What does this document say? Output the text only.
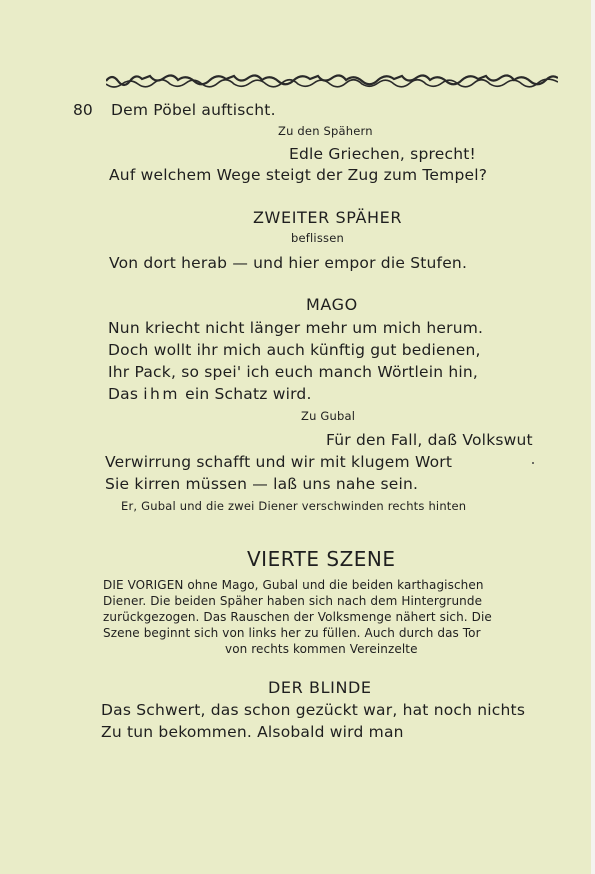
80 Dem Pöbel auftischt.
Zu den Spähern
Edle Griechen, sprecht!
Auf welchem Wege steigt der Zug zum Tempel?
ZWEITER SPÄHER
beflissen
Von dort herab — und hier empor die Stufen.
MAGO
Nun kriecht nicht länger mehr um mich herum.
Doch wollt ihr mich auch künftig gut bedienen,
Ihr Pack, so spei' ich euch manch Wörtlein hin,
Das ihm ein Schatz wird.
Zu Gubal
Für den Fall, daß Volkswut
Verwirrung schafft und wir mit klugem Wort
Sie kirren müssen — laß uns nahe sein.
Er, Gubal und die zwei Diener verschwinden rechts hinten
VIERTE SZENE
DIE VORIGEN ohne Mago, Gubal und die beiden karthagischen
Diener. Die beiden Späher haben sich nach dem Hintergrunde
zurückgezogen. Das Rauschen der Volksmenge nähert sich. Die
Szene beginnt sich von links her zu füllen. Auch durch das Tor
von rechts kommen Vereinzelte
DER BLINDE
Das Schwert, das schon gezückt war, hat noch nichts
Zu tun bekommen. Alsobald wird man
